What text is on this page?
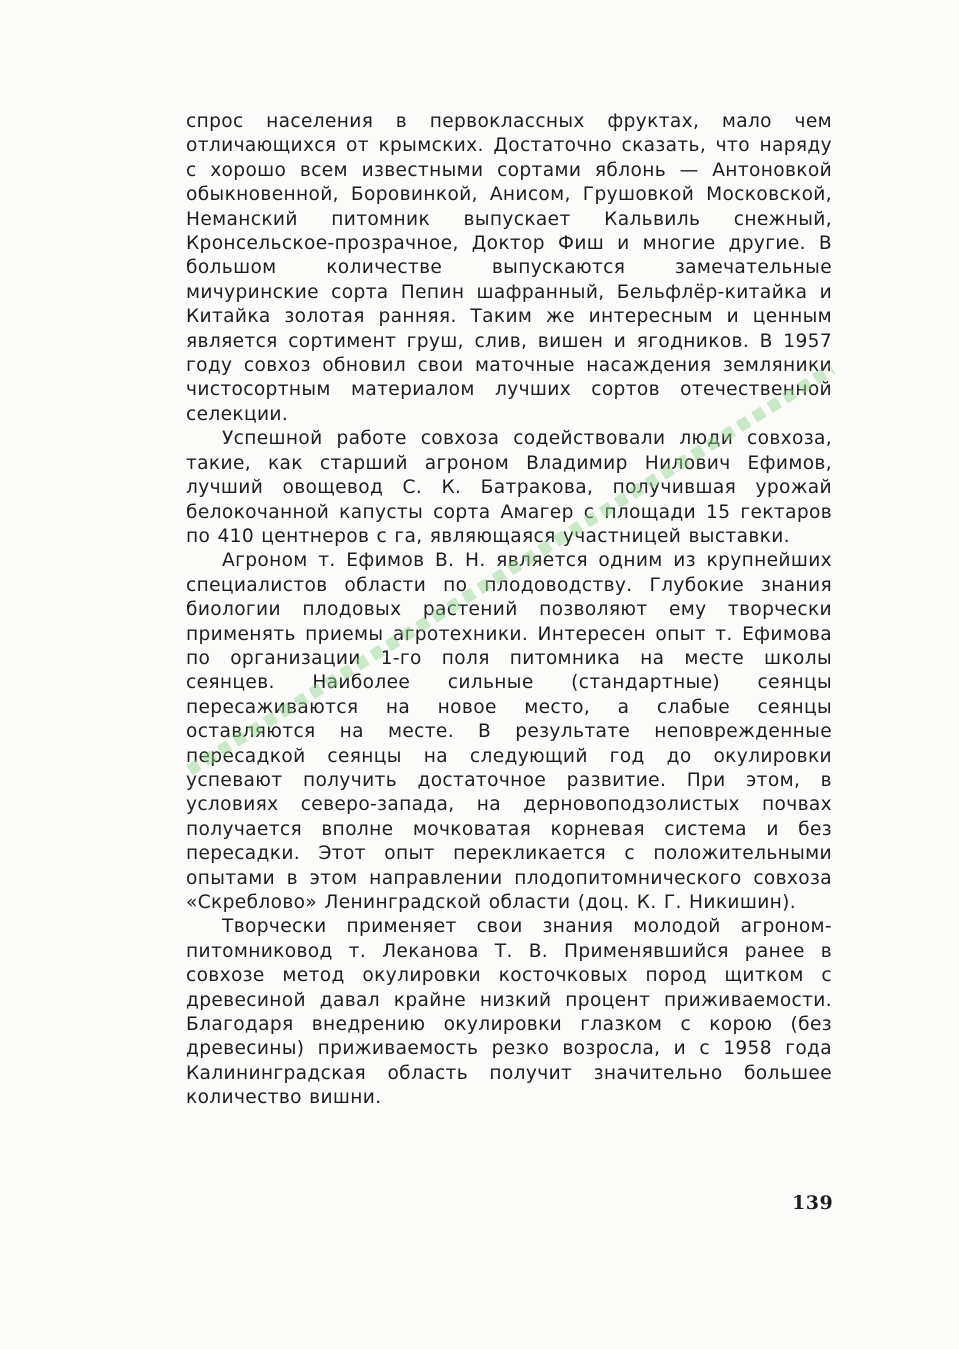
спрос населения в первоклассных фруктах, мало чем отличающихся от крымских. Достаточно сказать, что наряду с хорошо всем известными сортами яблонь — Антоновкой обыкновенной, Боровинкой, Анисом, Грушовкой Московской, Неманский питомник выпускает Кальвиль снежный, Кронсельское-прозрачное, Доктор Фиш и многие другие. В большом количестве выпускаются замечательные мичуринские сорта Пепин шафранный, Бельфлёр-китайка и Китайка золотая ранняя. Таким же интересным и ценным является сортимент груш, слив, вишен и ягодников. В 1957 году совхоз обновил свои маточные насаждения земляники чистосортным материалом лучших сортов отечественной селекции.

Успешной работе совхоза содействовали люди совхоза, такие, как старший агроном Владимир Нилович Ефимов, лучший овощевод С. К. Батракова, получившая урожай белокочанной капусты сорта Амагер с площади 15 гектаров по 410 центнеров с га, являющаяся участницей выставки.

Агроном т. Ефимов В. Н. является одним из крупнейших специалистов области по плодоводству. Глубокие знания биологии плодовых растений позволяют ему творчески применять приемы агротехники. Интересен опыт т. Ефимова по организации 1-го поля питомника на месте школы сеянцев. Наиболее сильные (стандартные) сеянцы пересаживаются на новое место, а слабые сеянцы оставляются на месте. В результате неповрежденные пересадкой сеянцы на следующий год до окулировки успевают получить достаточное развитие. При этом, в условиях северо-запада, на дерновоподзолистых почвах получается вполне мочковатая корневая система и без пересадки. Этот опыт перекликается с положительными опытами в этом направлении плодопитомнического совхоза «Скреблово» Ленинградской области (доц. К. Г. Никишин).

Творчески применяет свои знания молодой агроном-питомниковод т. Леканова Т. В. Применявшийся ранее в совхозе метод окулировки косточковых пород щитком с древесиной давал крайне низкий процент приживаемости. Благодаря внедрению окулировки глазком с корою (без древесины) приживаемость резко возросла, и с 1958 года Калининградская область получит значительно большее количество вишни.

139
